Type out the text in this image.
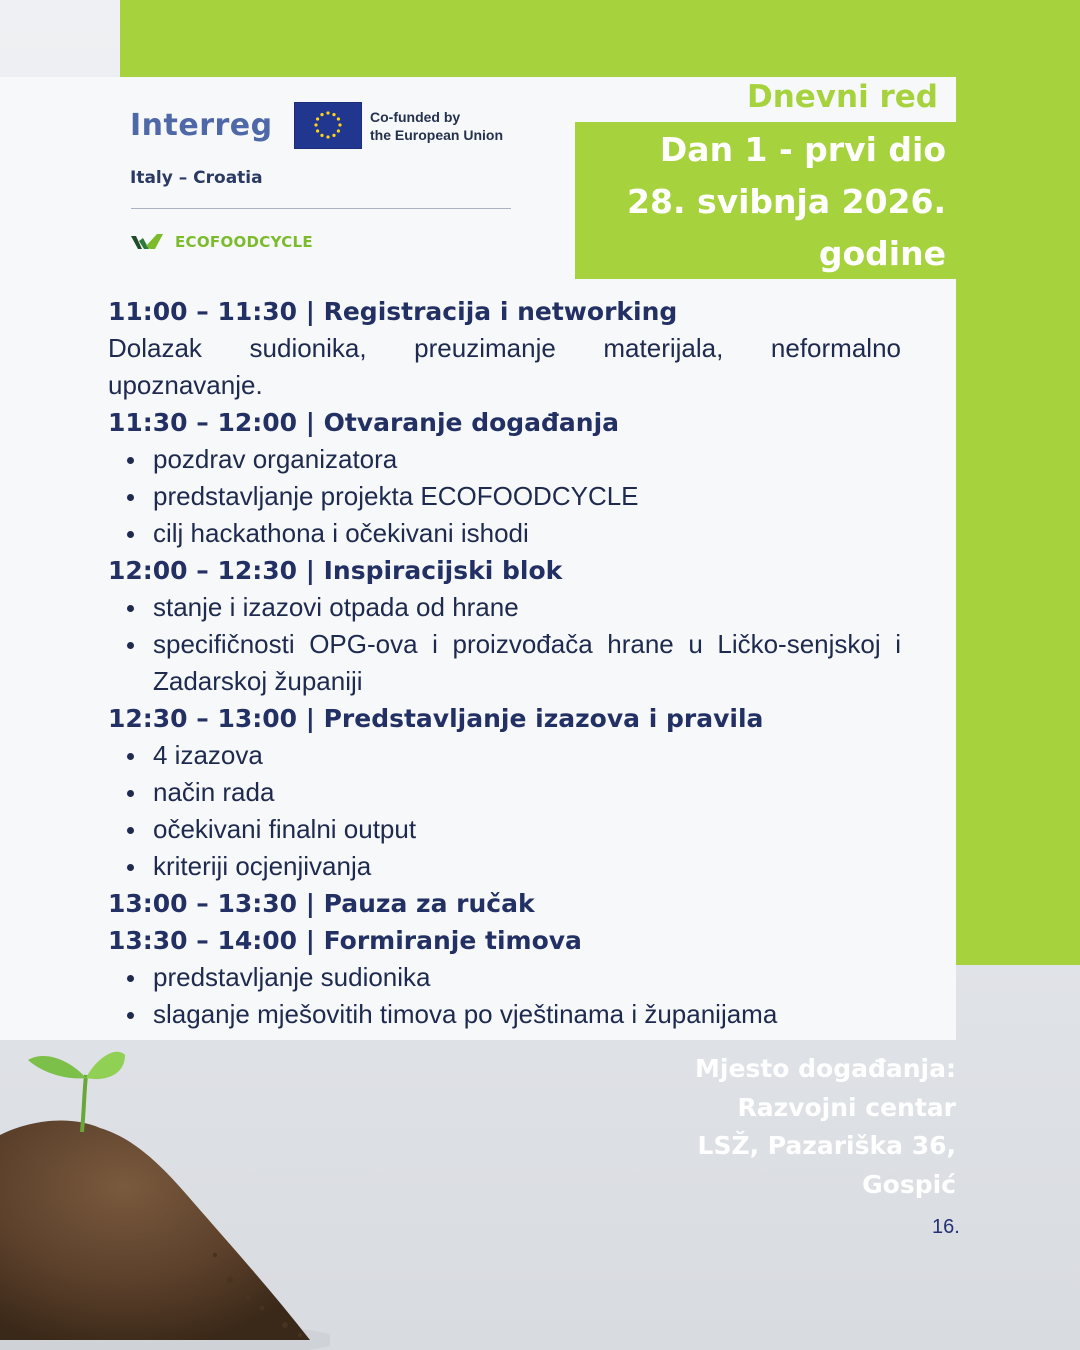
Interreg	Co-funded by
the European Union
Italy – Croatia
ECOFOODCYCLE
Dnevni red
Dan 1 - prvi dio
28. svibnja 2026.
godine
11:00 – 11:30 | Registracija i networking
Dolazak sudionika, preuzimanje materijala, neformalno upoznavanje.
11:30 – 12:00 | Otvaranje događanja
pozdrav organizatora
predstavljanje projekta ECOFOODCYCLE
cilj hackathona i očekivani ishodi
12:00 – 12:30 | Inspiracijski blok
stanje i izazovi otpada od hrane
specifičnosti OPG-ova i proizvođača hrane u Ličko-senjskoj i Zadarskoj županiji
12:30 – 13:00 | Predstavljanje izazova i pravila
4 izazova
način rada
očekivani finalni output
kriteriji ocjenjivanja
13:00 – 13:30 | Pauza za ručak
13:30 – 14:00 | Formiranje timova
predstavljanje sudionika
slaganje mješovitih timova po vještinama i županijama
Mjesto događanja:
Razvojni centar
LSŽ, Pazariška 36,
Gospić
16.
